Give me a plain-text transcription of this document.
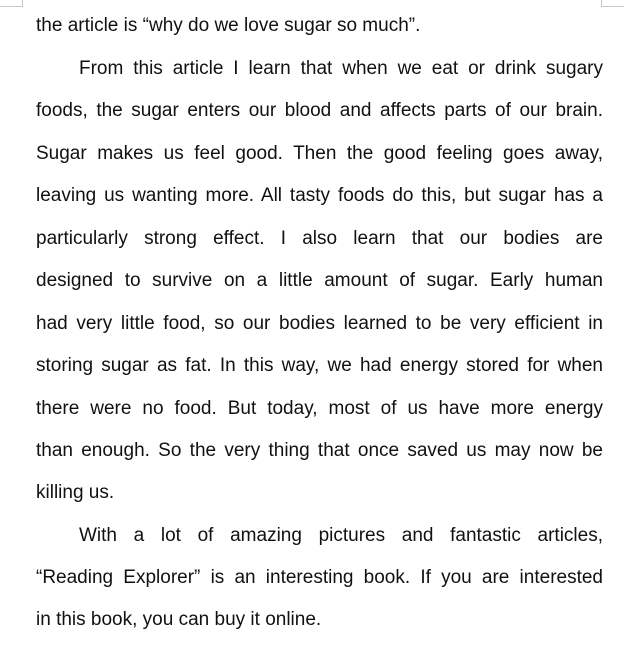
the article is “why do we love sugar so much”.
From this article I learn that when we eat or drink sugary
foods, the sugar enters our blood and affects parts of our brain.
Sugar makes us feel good. Then the good feeling goes away,
leaving us wanting more. All tasty foods do this, but sugar has a
particularly strong effect. I also learn that our bodies are
designed to survive on a little amount of sugar. Early human
had very little food, so our bodies learned to be very efficient in
storing sugar as fat. In this way, we had energy stored for when
there were no food. But today, most of us have more energy
than enough. So the very thing that once saved us may now be
killing us.
With a lot of amazing pictures and fantastic articles,
“Reading Explorer” is an interesting book. If you are interested
in this book, you can buy it online.
